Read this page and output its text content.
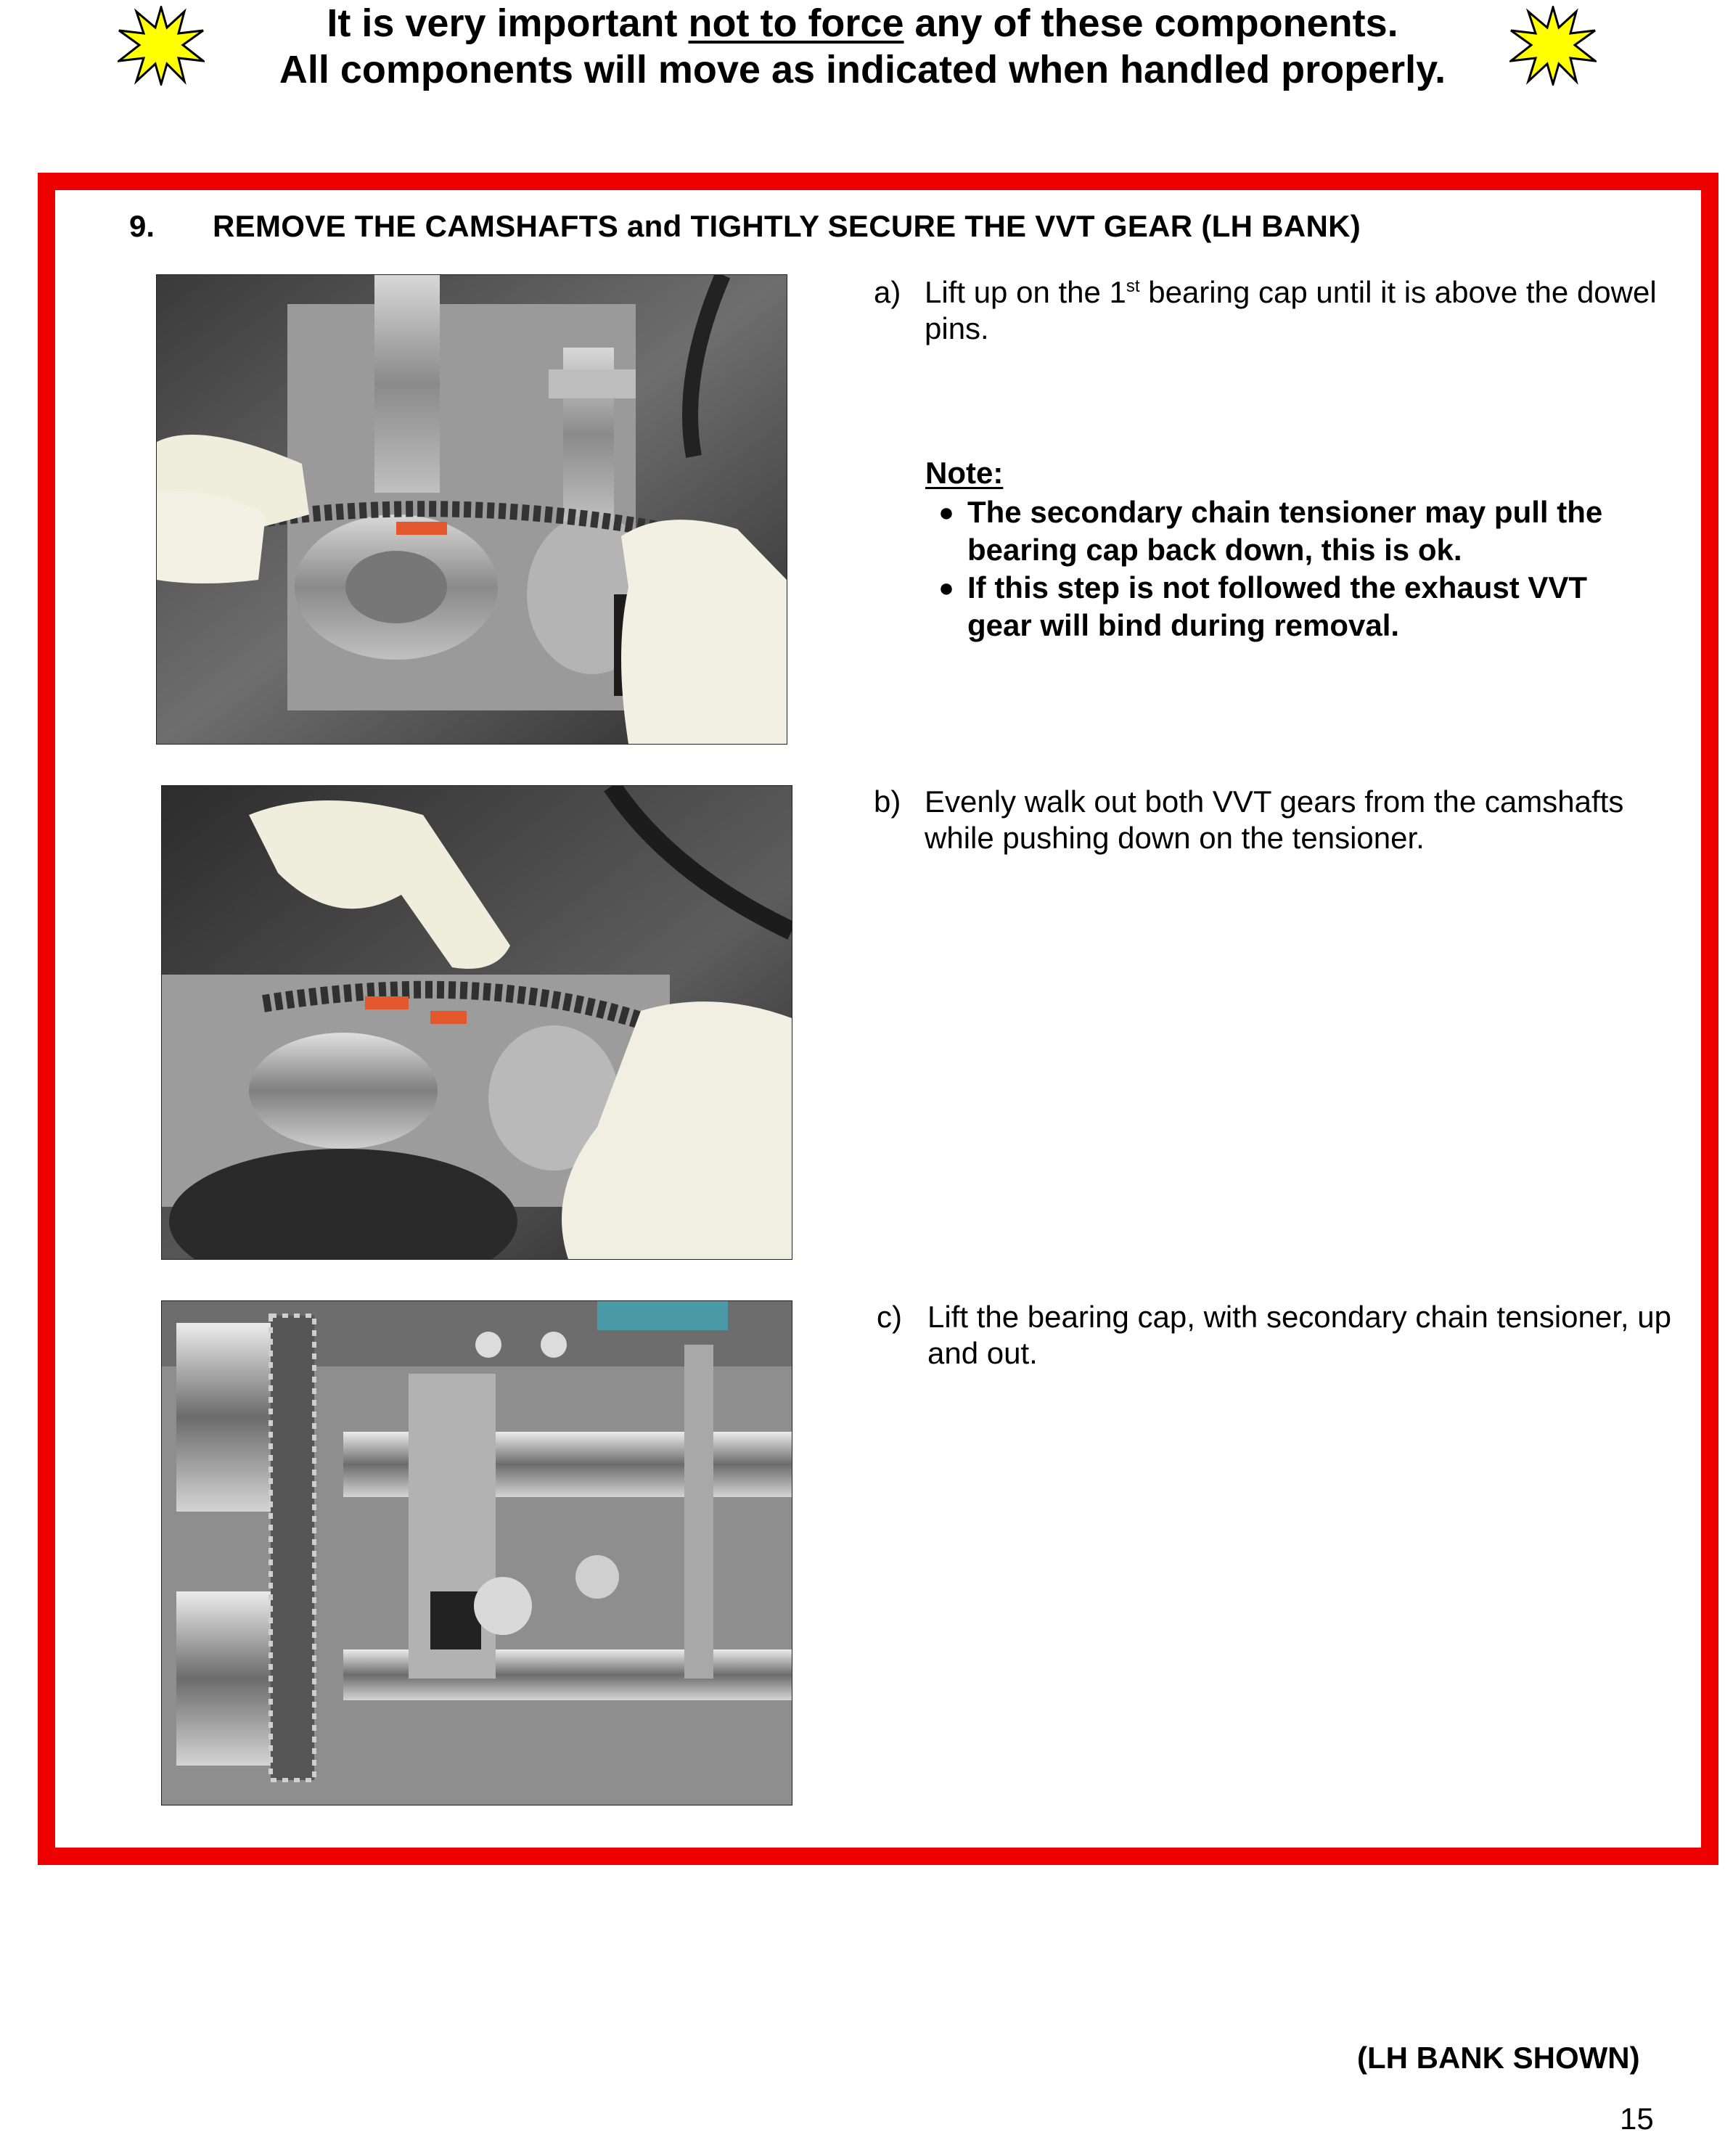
It is very important not to force any of these components.
All components will move as indicated when handled properly.
9. REMOVE THE CAMSHAFTS and TIGHTLY SECURE THE VVT GEAR (LH BANK)
a) Lift up on the 1st bearing cap until it is above the dowel pins.
Note:
● The secondary chain tensioner may pull the bearing cap back down, this is ok.
● If this step is not followed the exhaust VVT gear will bind during removal.
b) Evenly walk out both VVT gears from the camshafts while pushing down on the tensioner.
c) Lift the bearing cap, with secondary chain tensioner, up and out.
(LH BANK SHOWN)
15
